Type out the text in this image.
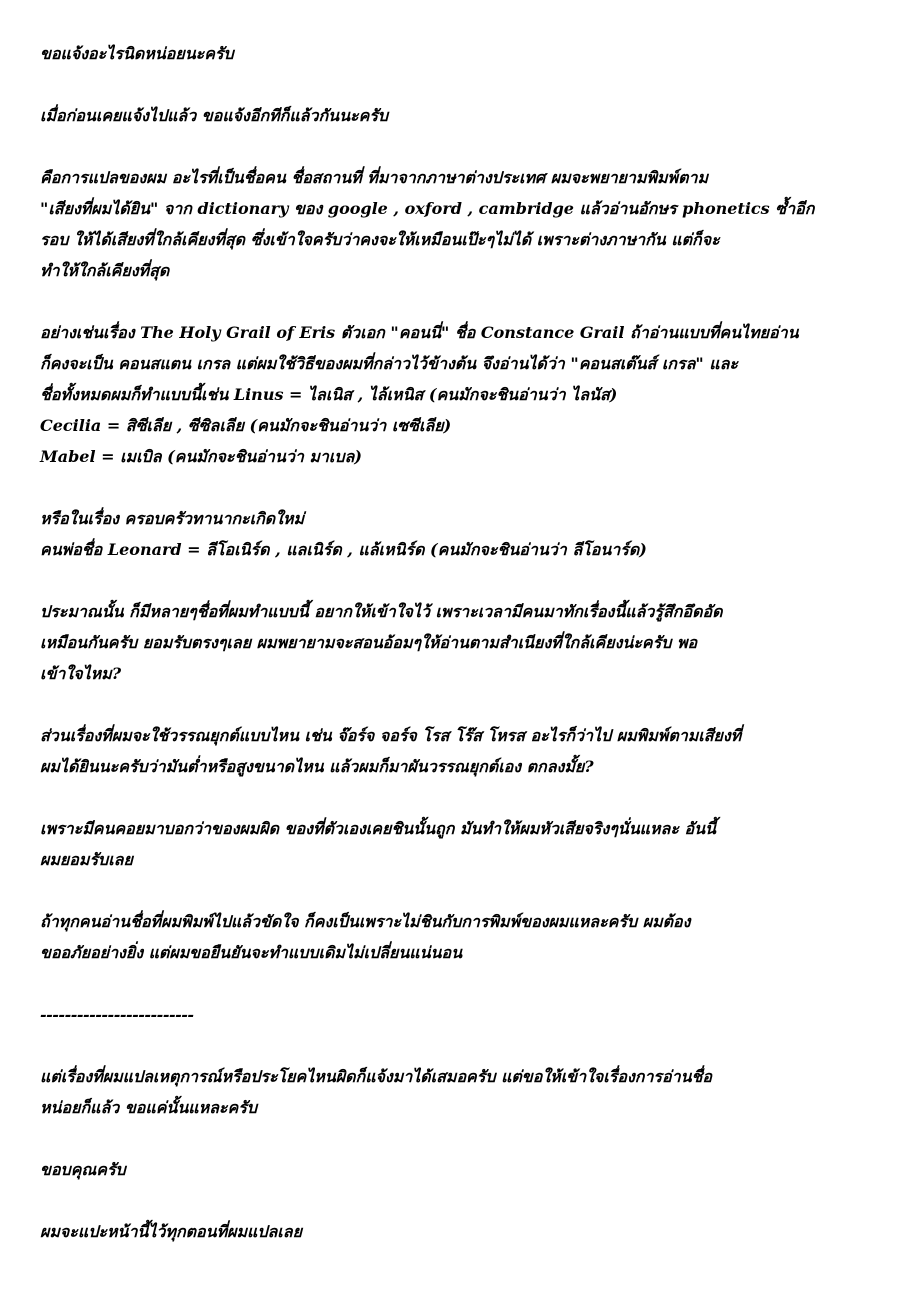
ขอแจ้งอะไรนิดหน่อยนะครับ

เมื่อก่อนเคยแจ้งไปแล้ว ขอแจ้งอีกทีก็แล้วกันนะครับ

คือการแปลของผม อะไรที่เป็นชื่อคน ชื่อสถานที่ ที่มาจากภาษาต่างประเทศ ผมจะพยายามพิมพ์ตาม
"เสียงที่ผมได้ยิน" จาก dictionary ของ google , oxford , cambridge แล้วอ่านอักษร phonetics ซ้ำอีก
รอบ ให้ได้เสียงที่ใกล้เคียงที่สุด ซึ่งเข้าใจครับว่าคงจะให้เหมือนเป๊ะๆไม่ได้ เพราะต่างภาษากัน แต่ก็จะ
ทำให้ใกล้เคียงที่สุด

อย่างเช่นเรื่อง The Holy Grail of Eris ตัวเอก "คอนนี่" ชื่อ Constance Grail ถ้าอ่านแบบที่คนไทยอ่าน
ก็คงจะเป็น คอนสแตน เกรล แต่ผมใช้วิธีของผมที่กล่าวไว้ข้างต้น จึงอ่านได้ว่า "คอนสเต๊นส์ เกรล" และ
ชื่อทั้งหมดผมก็ทำแบบนี้เช่น Linus = ไลเนิส , ไล้เหนิส (คนมักจะชินอ่านว่า ไลนัส)
Cecilia = สิซีเลีย , ซีซิลเลีย (คนมักจะชินอ่านว่า เซซีเลีย)
Mabel = เมเบิล (คนมักจะชินอ่านว่า มาเบล)

หรือในเรื่อง ครอบครัวทานากะเกิดใหม่
คนพ่อชื่อ Leonard = ลีโอเนิร์ด , แลเนิร์ด , แล้เหนิร์ด (คนมักจะชินอ่านว่า ลีโอนาร์ด)

ประมาณนั้น ก็มีหลายๆชื่อที่ผมทำแบบนี้ อยากให้เข้าใจไว้ เพราะเวลามีคนมาทักเรื่องนี้แล้วรู้สึกอึดอัด
เหมือนกันครับ ยอมรับตรงๆเลย ผมพยายามจะสอนอ้อมๆให้อ่านตามสำเนียงที่ใกล้เคียงน่ะครับ พอ
เข้าใจไหม?

ส่วนเรื่องที่ผมจะใช้วรรณยุกต์แบบไหน เช่น จ๊อร์จ จอร์จ โรส โร๊ส โหรส อะไรก็ว่าไป ผมพิมพ์ตามเสียงที่
ผมได้ยินนะครับว่ามันต่ำหรือสูงขนาดไหน แล้วผมก็มาผันวรรณยุกต์เอง ตกลงมั้ย?

เพราะมีคนคอยมาบอกว่าของผมผิด ของที่ตัวเองเคยชินนั้นถูก มันทำให้ผมหัวเสียจริงๆนั่นแหละ อันนี้
ผมยอมรับเลย

ถ้าทุกคนอ่านชื่อที่ผมพิมพ์ไปแล้วขัดใจ ก็คงเป็นเพราะไม่ชินกับการพิมพ์ของผมแหละครับ ผมต้อง
ขออภัยอย่างยิ่ง แต่ผมขอยืนยันจะทำแบบเดิมไม่เปลี่ยนแน่นอน

-------------------------

แต่เรื่องที่ผมแปลเหตุการณ์หรือประโยคไหนผิดก็แจ้งมาได้เสมอครับ แต่ขอให้เข้าใจเรื่องการอ่านชื่อ
หน่อยก็แล้ว ขอแค่นั้นแหละครับ

ขอบคุณครับ

ผมจะแปะหน้านี้ไว้ทุกตอนที่ผมแปลเลย
